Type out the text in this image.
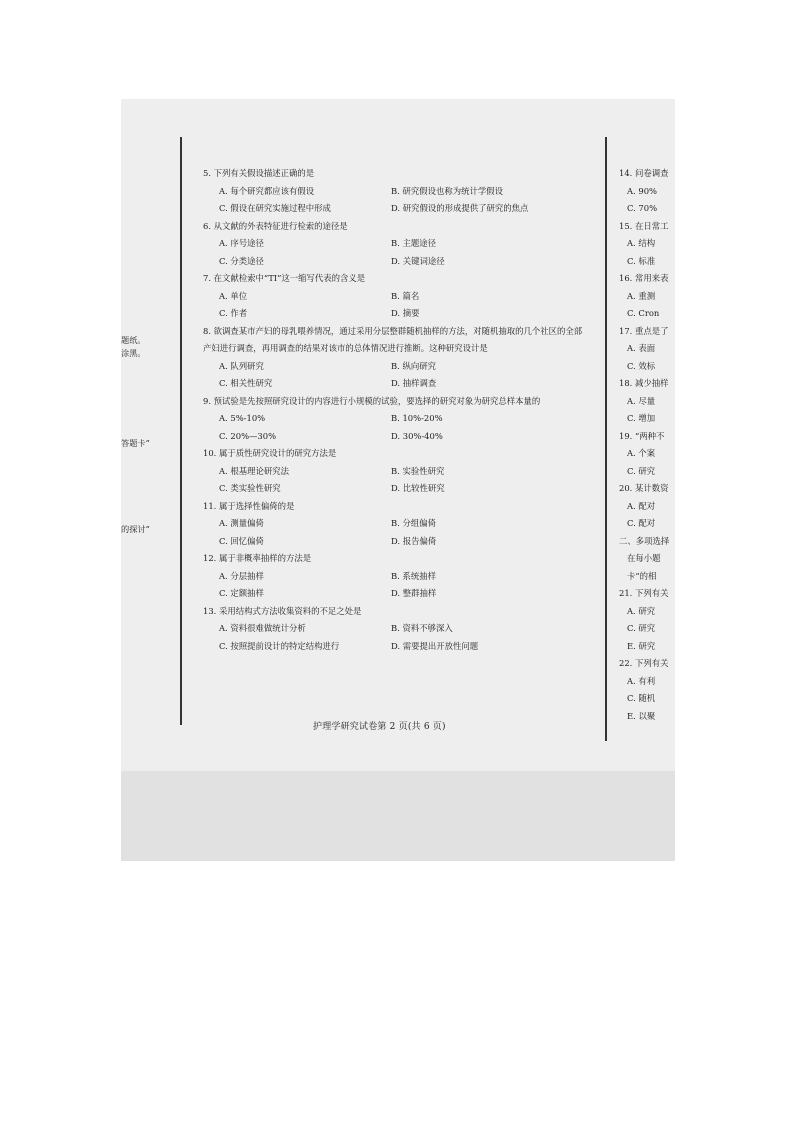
题纸。
涂黑。
答题卡”
的探讨”
5. 下列有关假设描述正确的是
A. 每个研究都应该有假设	B. 研究假设也称为统计学假设
C. 假设在研究实施过程中形成	D. 研究假设的形成提供了研究的焦点
6. 从文献的外表特征进行检索的途径是
A. 序号途径	B. 主题途径
C. 分类途径	D. 关键词途径
7. 在文献检索中“TI”这一缩写代表的含义是
A. 单位	B. 篇名
C. 作者	D. 摘要
8. 欲调查某市产妇的母乳喂养情况，通过采用分层整群随机抽样的方法，对随机抽取的几个社区的全部产妇进行调查，再用调查的结果对该市的总体情况进行推断。这种研究设计是
A. 队列研究	B. 纵向研究
C. 相关性研究	D. 抽样调查
9. 预试验是先按照研究设计的内容进行小规模的试验，要选择的研究对象为研究总样本量的
A. 5%-10%	B. 10%-20%
C. 20%—30%	D. 30%-40%
10. 属于质性研究设计的研究方法是
A. 根基理论研究法	B. 实验性研究
C. 类实验性研究	D. 比较性研究
11. 属于选择性偏倚的是
A. 测量偏倚	B. 分组偏倚
C. 回忆偏倚	D. 报告偏倚
12. 属于非概率抽样的方法是
A. 分层抽样	B. 系统抽样
C. 定额抽样	D. 整群抽样
13. 采用结构式方法收集资料的不足之处是
A. 资料很难做统计分析	B. 资料不够深入
C. 按照提前设计的特定结构进行	D. 需要提出开放性问题
护理学研究试卷第 2 页(共 6 页)
14. 问卷调查
A. 90%
C. 70%
15. 在日常工
A. 结构
C. 标准
16. 常用来表
A. 重测
C. Cron
17. 重点是了
A. 表面
C. 效标
18. 减少抽样
A. 尽量
C. 增加
19. “两种不
A. 个案
C. 研究
20. 某计数资
A. 配对
C. 配对
二、多项选择
在每小题
卡”的相
21. 下列有关
A. 研究
C. 研究
E. 研究
22. 下列有关
A. 有利
C. 随机
E. 以聚
